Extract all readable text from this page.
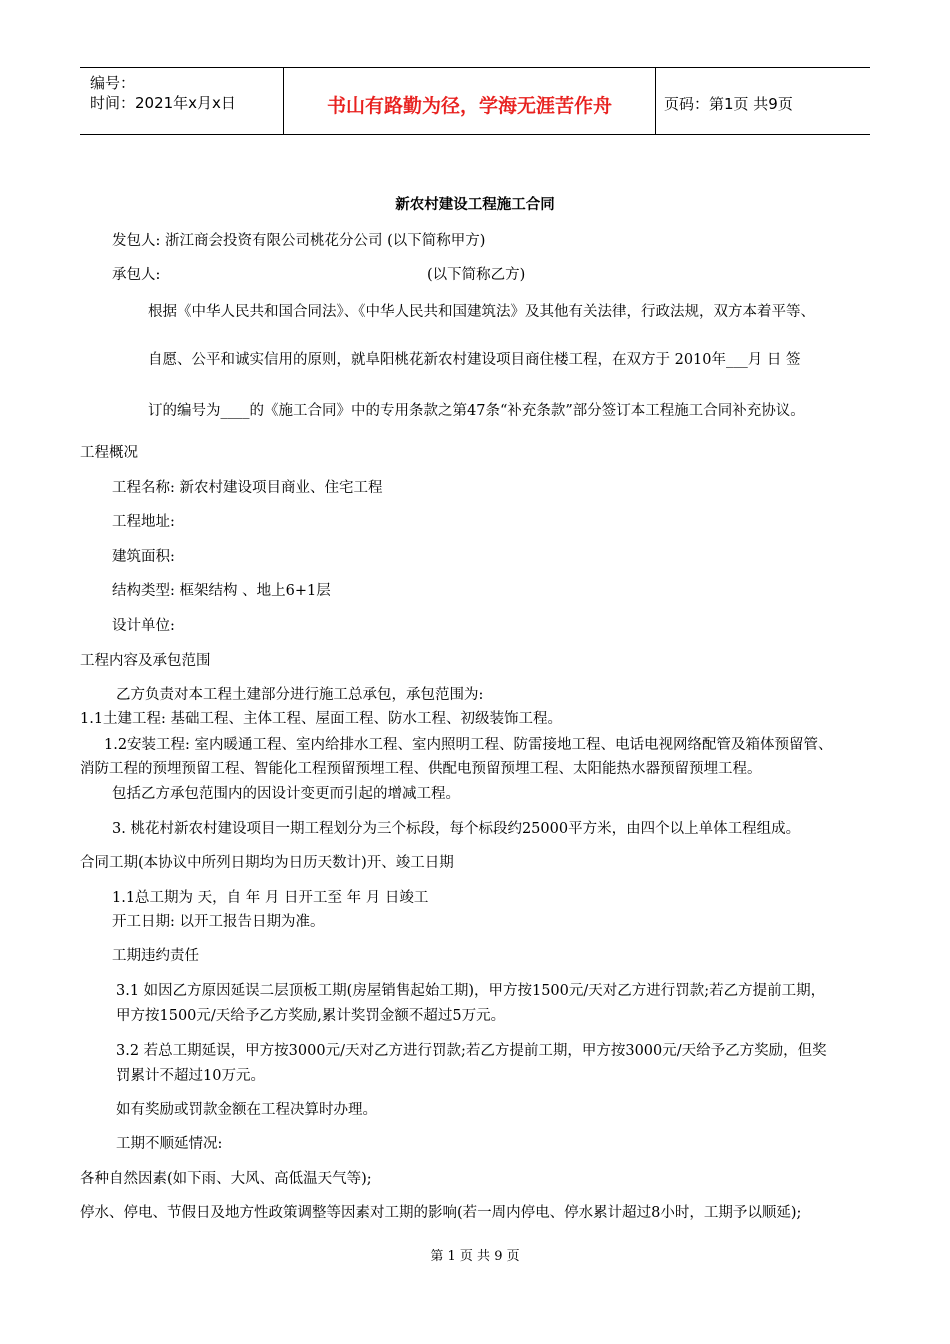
编号：
时间：2021年x月x日	书山有路勤为径，学海无涯苦作舟	页码：第1页 共9页
新农村建设工程施工合同
发包人: 浙江商会投资有限公司桃花分公司 (以下简称甲方)
承包人:	(以下简称乙方)
根据《中华人民共和国合同法》、《中华人民共和国建筑法》及其他有关法律，行政法规，双方本着平等、
自愿、公平和诚实信用的原则，就阜阳桃花新农村建设项目商住楼工程，在双方于 2010年___月 日 签
订的编号为____的《施工合同》中的专用条款之第47条“补充条款”部分签订本工程施工合同补充协议。
工程概况
工程名称: 新农村建设项目商业、住宅工程
工程地址:
建筑面积:
结构类型: 框架结构 、地上6+1层
设计单位:
工程内容及承包范围
乙方负责对本工程土建部分进行施工总承包，承包范围为:
1.1土建工程: 基础工程、主体工程、屋面工程、防水工程、初级装饰工程。
1.2安装工程: 室内暖通工程、室内给排水工程、室内照明工程、防雷接地工程、电话电视网络配管及箱体预留管、
消防工程的预埋预留工程、智能化工程预留预埋工程、供配电预留预埋工程、太阳能热水器预留预埋工程。
包括乙方承包范围内的因设计变更而引起的增减工程。
3. 桃花村新农村建设项目一期工程划分为三个标段，每个标段约25000平方米，由四个以上单体工程组成。
合同工期(本协议中所列日期均为日历天数计)开、竣工日期
1.1总工期为 天，自 年 月 日开工至 年 月 日竣工
开工日期: 以开工报告日期为准。
工期违约责任
3.1 如因乙方原因延误二层顶板工期(房屋销售起始工期)，甲方按1500元/天对乙方进行罚款;若乙方提前工期，
甲方按1500元/天给予乙方奖励,累计奖罚金额不超过5万元。
3.2 若总工期延误，甲方按3000元/天对乙方进行罚款;若乙方提前工期，甲方按3000元/天给予乙方奖励，但奖
罚累计不超过10万元。
如有奖励或罚款金额在工程决算时办理。
工期不顺延情况:
各种自然因素(如下雨、大风、高低温天气等);
停水、停电、节假日及地方性政策调整等因素对工期的影响(若一周内停电、停水累计超过8小时，工期予以顺延);
第 1 页 共 9 页
